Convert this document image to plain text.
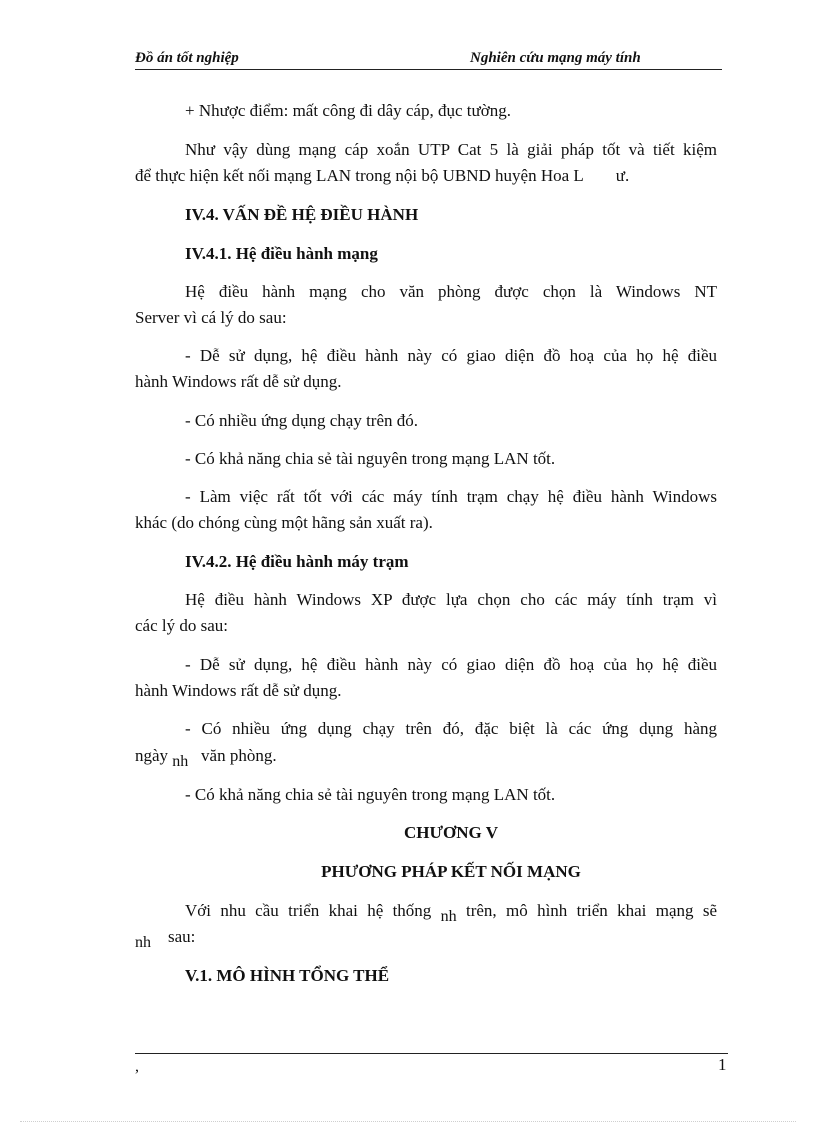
Đồ án tốt nghiệp	Nghiên cứu mạng máy tính
+ Nhược điểm: mất công đi dây cáp, đục tường.
Như vậy dùng mạng cáp xoắn UTP Cat 5 là giải pháp tốt và tiết kiệm
để thực hiện kết nối mạng LAN trong nội bộ UBND huyện Hoa L ư.
IV.4. VẤN ĐỀ HỆ ĐIỀU HÀNH
IV.4.1. Hệ điều hành mạng
Hệ điều hành mạng cho văn phòng được chọn là Windows NT
Server vì cá lý do sau:
- Dễ sử dụng, hệ điều hành này có giao diện đồ hoạ của họ hệ điều
hành Windows rất dễ sử dụng.
- Có nhiều ứng dụng chạy trên đó.
- Có khả năng chia sẻ tài nguyên trong mạng LAN tốt.
- Làm việc rất tốt với các máy tính trạm chạy hệ điều hành Windows
khác (do chóng cùng một hãng sản xuất ra).
IV.4.2. Hệ điều hành máy trạm
Hệ điều hành Windows XP được lựa chọn cho các máy tính trạm vì
các lý do sau:
- Dễ sử dụng, hệ điều hành này có giao diện đồ hoạ của họ hệ điều
hành Windows rất dễ sử dụng.
- Có nhiều ứng dụng chạy trên đó, đặc biệt là các ứng dụng hàng
ngày nh văn phòng.
- Có khả năng chia sẻ tài nguyên trong mạng LAN tốt.
CHƯƠNG V
PHƯƠNG PHÁP KẾT NỐI MẠNG
Với nhu cầu triển khai hệ thống nh trên, mô hình triển khai mạng sẽ
nh sau:
V.1. MÔ HÌNH TỔNG THỂ
,	1
